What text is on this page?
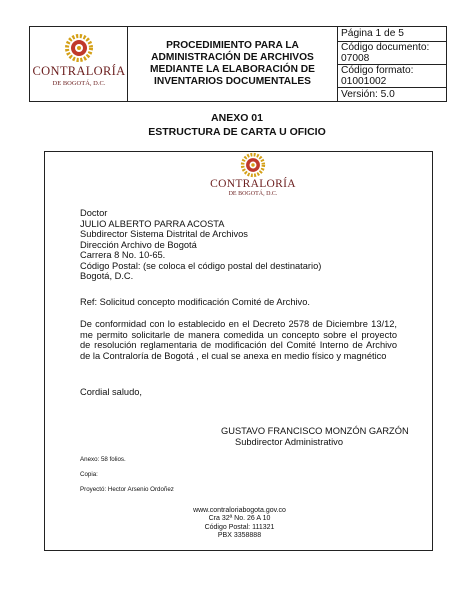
CONTRALORÍA
DE BOGOTÁ, D.C.
PROCEDIMIENTO PARA LA
ADMINISTRACIÓN DE ARCHIVOS
MEDIANTE LA ELABORACIÓN DE
INVENTARIOS DOCUMENTALES
Página 1 de 5
Código documento: 07008
Código formato: 01001002
Versión: 5.0
ANEXO 01
ESTRUCTURA DE CARTA U OFICIO
CONTRALORÍA
DE BOGOTÁ, D.C.
Doctor
JULIO ALBERTO PARRA ACOSTA
Subdirector Sistema Distrital de Archivos
Dirección Archivo de Bogotá
Carrera 8 No. 10-65.
Código Postal: (se coloca el código postal del destinatario)
Bogotá, D.C.
Ref: Solicitud concepto modificación Comité de Archivo.
De conformidad con lo establecido en el Decreto 2578 de Diciembre 13/12, me permito solicitarle de manera comedida un concepto sobre el proyecto de resolución reglamentaria de modificación del Comité Interno de Archivo de la Contraloría de Bogotá , el cual se anexa en medio físico y magnético
Cordial saludo,
GUSTAVO FRANCISCO MONZÓN GARZÓN
Subdirector Administrativo
Anexo: 58 folios.
Copia:
Proyectó: Hector Arsenio Ordoñez
www.contraloriabogota.gov.co
Cra 32ª No. 26 A 10
Código Postal: 111321
PBX 3358888
